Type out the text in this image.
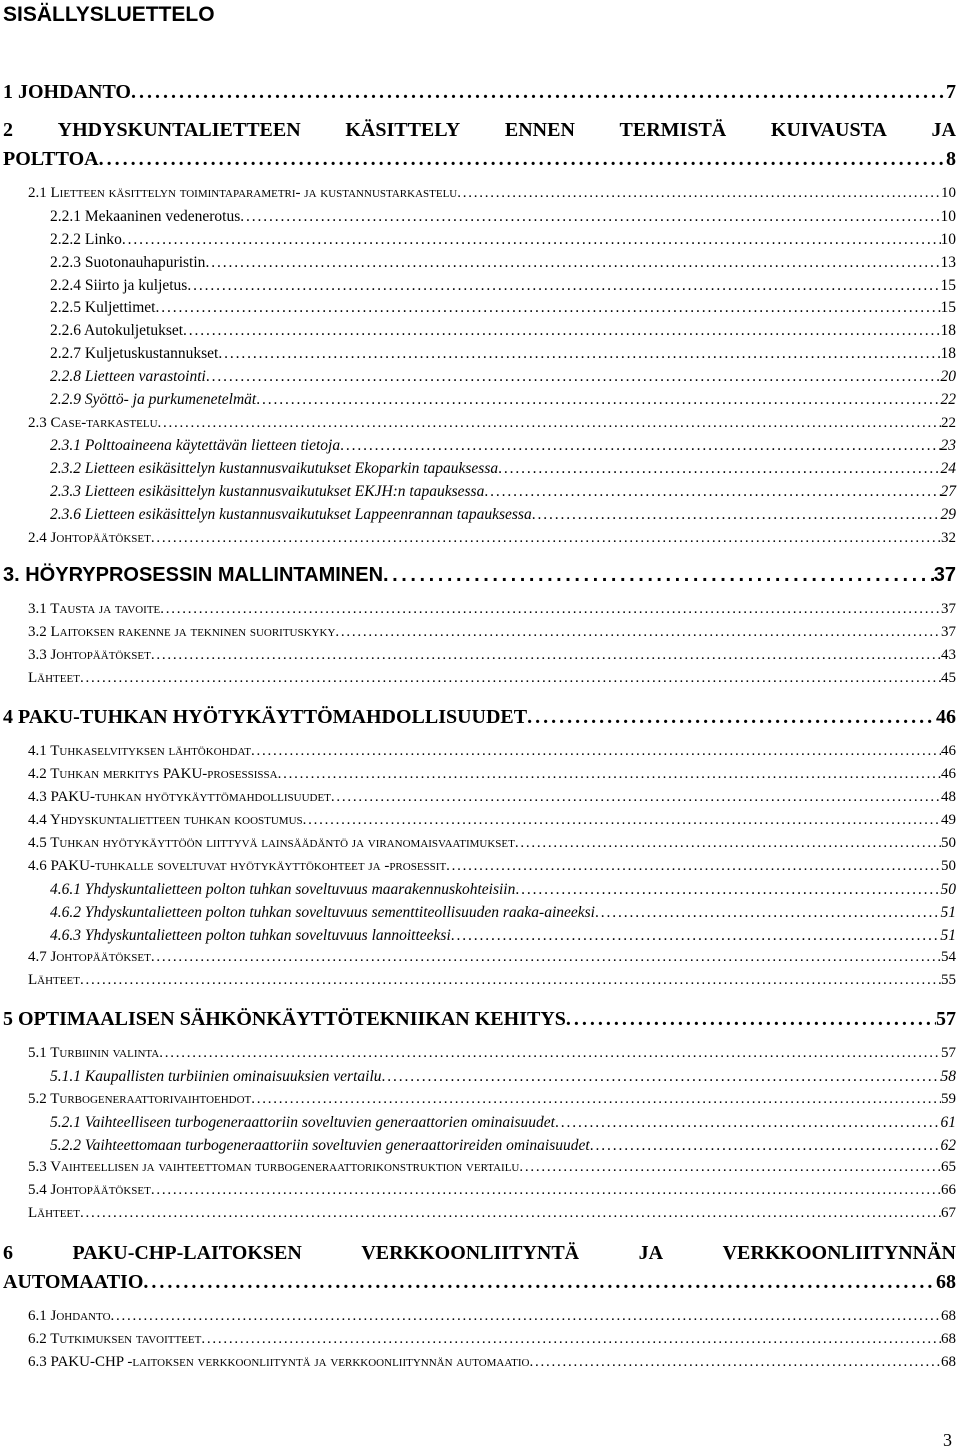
SISÄLLYSLUETTELO
1 JOHDANTO . . .	7
2 YHDYSKUNTALIETTEEN KÄSITTELY ENNEN TERMISTÄ KUIVAUSTA JA
POLTTOA . . .	8
2.1 Lietteen käsittelyn toimintaparametri- ja kustannustarkastelu . . .	10
2.2.1 Mekaaninen vedenerotus . . .	10
2.2.2 Linko . . .	10
2.2.3 Suotonauhapuristin . . .	13
2.2.4 Siirto ja kuljetus . . .	15
2.2.5 Kuljettimet . . .	15
2.2.6 Autokuljetukset . . .	18
2.2.7 Kuljetuskustannukset . . .	18
2.2.8 Lietteen varastointi . . .	20
2.2.9 Syöttö- ja purkumenetelmät . . .	22
2.3 Case-tarkastelu . . .	22
2.3.1 Polttoaineena käytettävän lietteen tietoja . . .	23
2.3.2 Lietteen esikäsittelyn kustannusvaikutukset Ekoparkin tapauksessa . . .	24
2.3.3 Lietteen esikäsittelyn kustannusvaikutukset EKJH:n tapauksessa . . .	27
2.3.6 Lietteen esikäsittelyn kustannusvaikutukset Lappeenrannan tapauksessa . . .	29
2.4 Johtopäätökset . . .	32
3. HÖYRYPROSESSIN MALLINTAMINEN . . .	37
3.1 Tausta ja tavoite . . .	37
3.2 Laitoksen rakenne ja tekninen suorituskyky . . .	37
3.3 Johtopäätökset . . .	43
Lähteet . . .	45
4 PAKU-TUHKAN HYÖTYKÄYTTÖMAHDOLLISUUDET . . .	46
4.1 Tuhkaselvityksen lähtökohdat . . .	46
4.2 Tuhkan merkitys PAKU-prosessissa . . .	46
4.3 PAKU-tuhkan hyötykäyttömahdollisuudet . . .	48
4.4 Yhdyskuntalietteen tuhkan koostumus . . .	49
4.5 Tuhkan hyötykäyttöön liittyvä lainsäädäntö ja viranomaisvaatimukset . . .	50
4.6 PAKU-tuhkalle soveltuvat hyötykäyttökohteet ja -prosessit . . .	50
4.6.1 Yhdyskuntalietteen polton tuhkan soveltuvuus maarakennuskohteisiin . . .	50
4.6.2 Yhdyskuntalietteen polton tuhkan soveltuvuus sementtiteollisuuden raaka-aineeksi . . .	51
4.6.3 Yhdyskuntalietteen polton tuhkan soveltuvuus lannoitteeksi . . .	51
4.7 Johtopäätökset . . .	54
Lähteet . . .	55
5 OPTIMAALISEN SÄHKÖNKÄYTTÖTEKNIIKAN KEHITYS . . .	57
5.1 Turbiinin valinta . . .	57
5.1.1 Kaupallisten turbiinien ominaisuuksien vertailu . . .	58
5.2 Turbogeneraattorivaihtoehdot . . .	59
5.2.1 Vaihteelliseen turbogeneraattoriin soveltuvien generaattorien ominaisuudet . . .	61
5.2.2 Vaihteettomaan turbogeneraattoriin soveltuvien generaattorireiden ominaisuudet . . .	62
5.3 Vaihteellisen ja vaihteettoman turbogeneraattorikonstruktion vertailu . . .	65
5.4 Johtopäätökset . . .	66
Lähteet . . .	67
6	PAKU-CHP-LAITOKSEN	VERKKOONLIITYNTÄ	JA	VERKKOONLIITYNNÄN
AUTOMAATIO . . .	68
6.1 Johdanto . . .	68
6.2 Tutkimuksen tavoitteet . . .	68
6.3 PAKU-CHP -laitoksen verkkoonliityntä ja verkkoonliitynnän automaatio . . .	68
3
